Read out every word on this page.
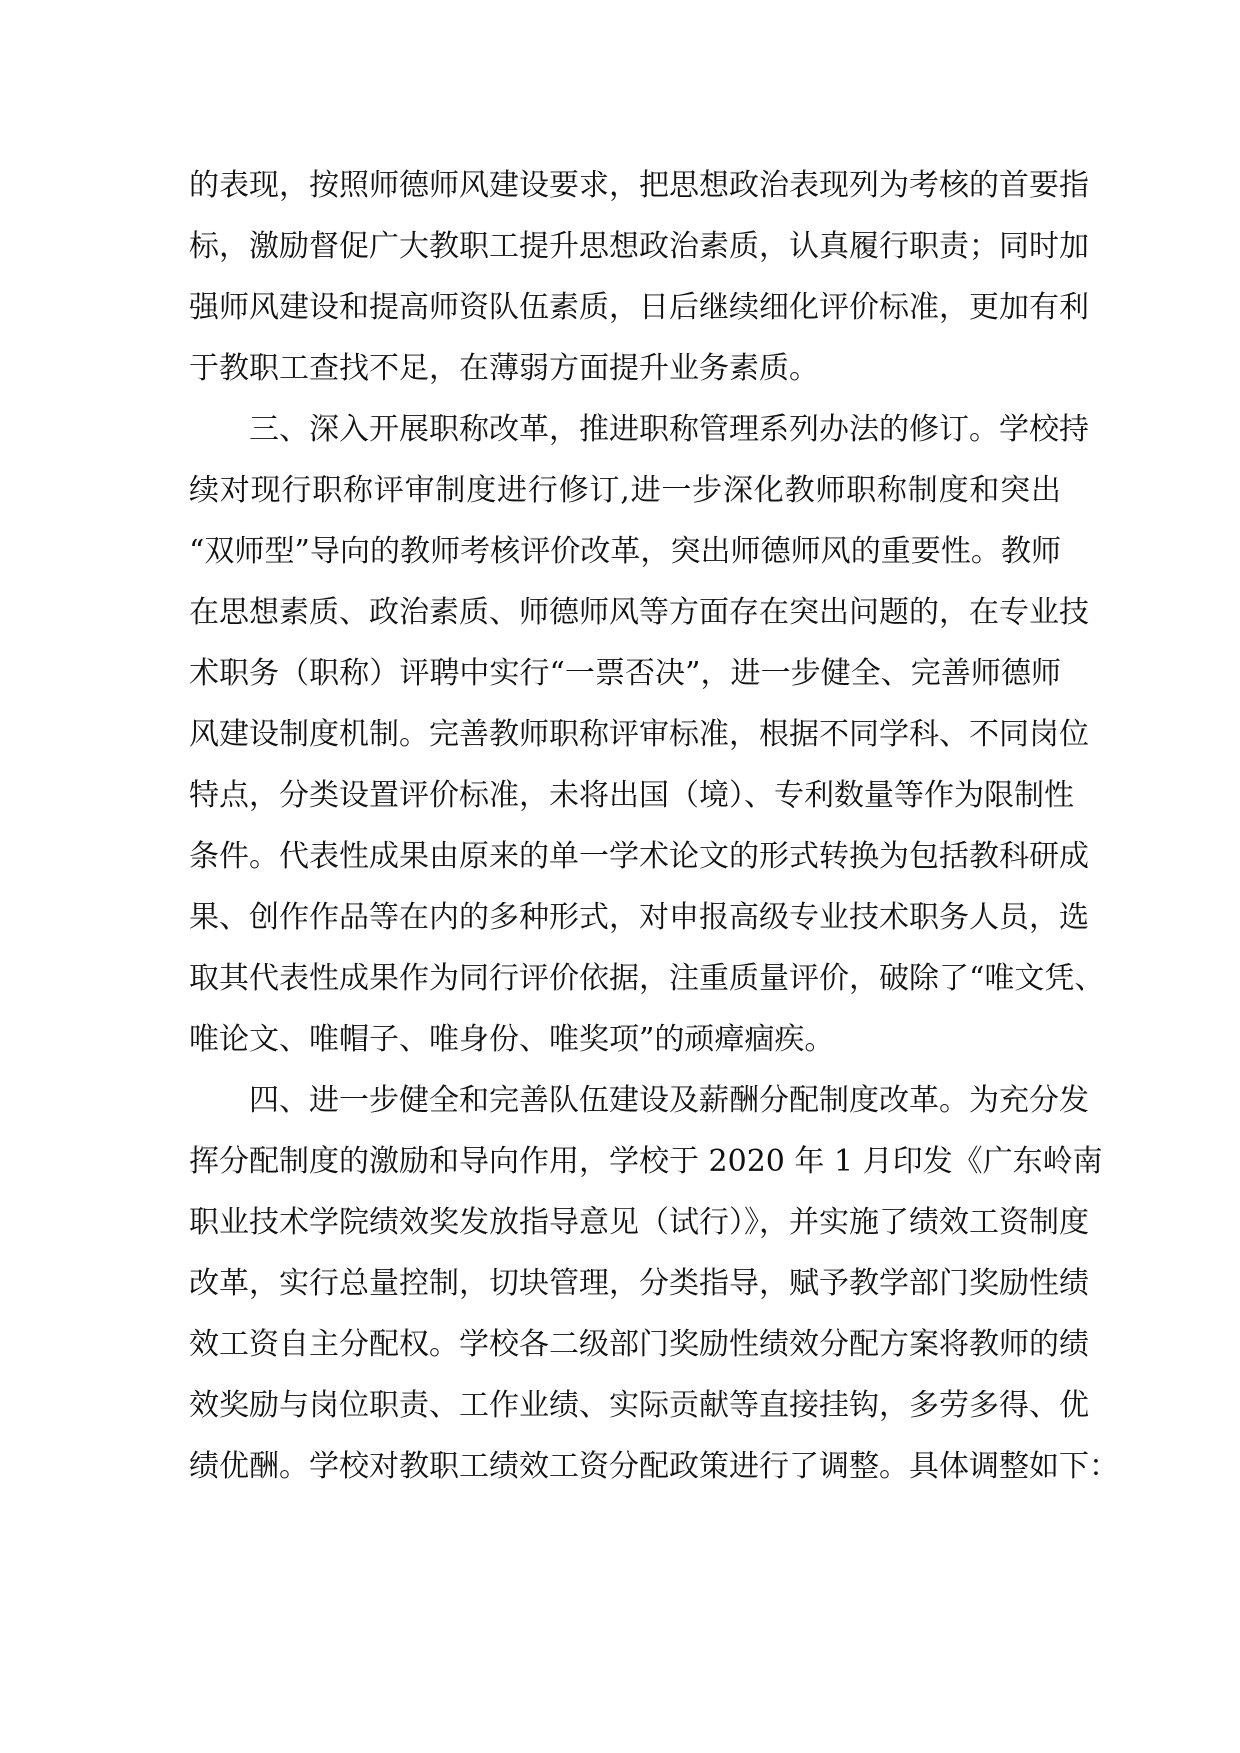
的表现，按照师德师风建设要求，把思想政治表现列为考核的首要指
标，激励督促广大教职工提升思想政治素质，认真履行职责；同时加
强师风建设和提高师资队伍素质，日后继续细化评价标准，更加有利
于教职工查找不足，在薄弱方面提升业务素质。
三、深入开展职称改革，推进职称管理系列办法的修订。学校持
续对现行职称评审制度进行修订,进一步深化教师职称制度和突出
“双师型”导向的教师考核评价改革，突出师德师风的重要性。教师
在思想素质、政治素质、师德师风等方面存在突出问题的，在专业技
术职务（职称）评聘中实行“一票否决”，进一步健全、完善师德师
风建设制度机制。完善教师职称评审标准，根据不同学科、不同岗位
特点，分类设置评价标准，未将出国（境）、专利数量等作为限制性
条件。代表性成果由原来的单一学术论文的形式转换为包括教科研成
果、创作作品等在内的多种形式，对申报高级专业技术职务人员，选
取其代表性成果作为同行评价依据，注重质量评价，破除了“唯文凭、
唯论文、唯帽子、唯身份、唯奖项”的顽瘴痼疾。
四、进一步健全和完善队伍建设及薪酬分配制度改革。为充分发
挥分配制度的激励和导向作用，学校于 2020 年 1 月印发《广东岭南
职业技术学院绩效奖发放指导意见（试行）》，并实施了绩效工资制度
改革，实行总量控制，切块管理，分类指导，赋予教学部门奖励性绩
效工资自主分配权。学校各二级部门奖励性绩效分配方案将教师的绩
效奖励与岗位职责、工作业绩、实际贡献等直接挂钩，多劳多得、优
绩优酬。学校对教职工绩效工资分配政策进行了调整。具体调整如下：
